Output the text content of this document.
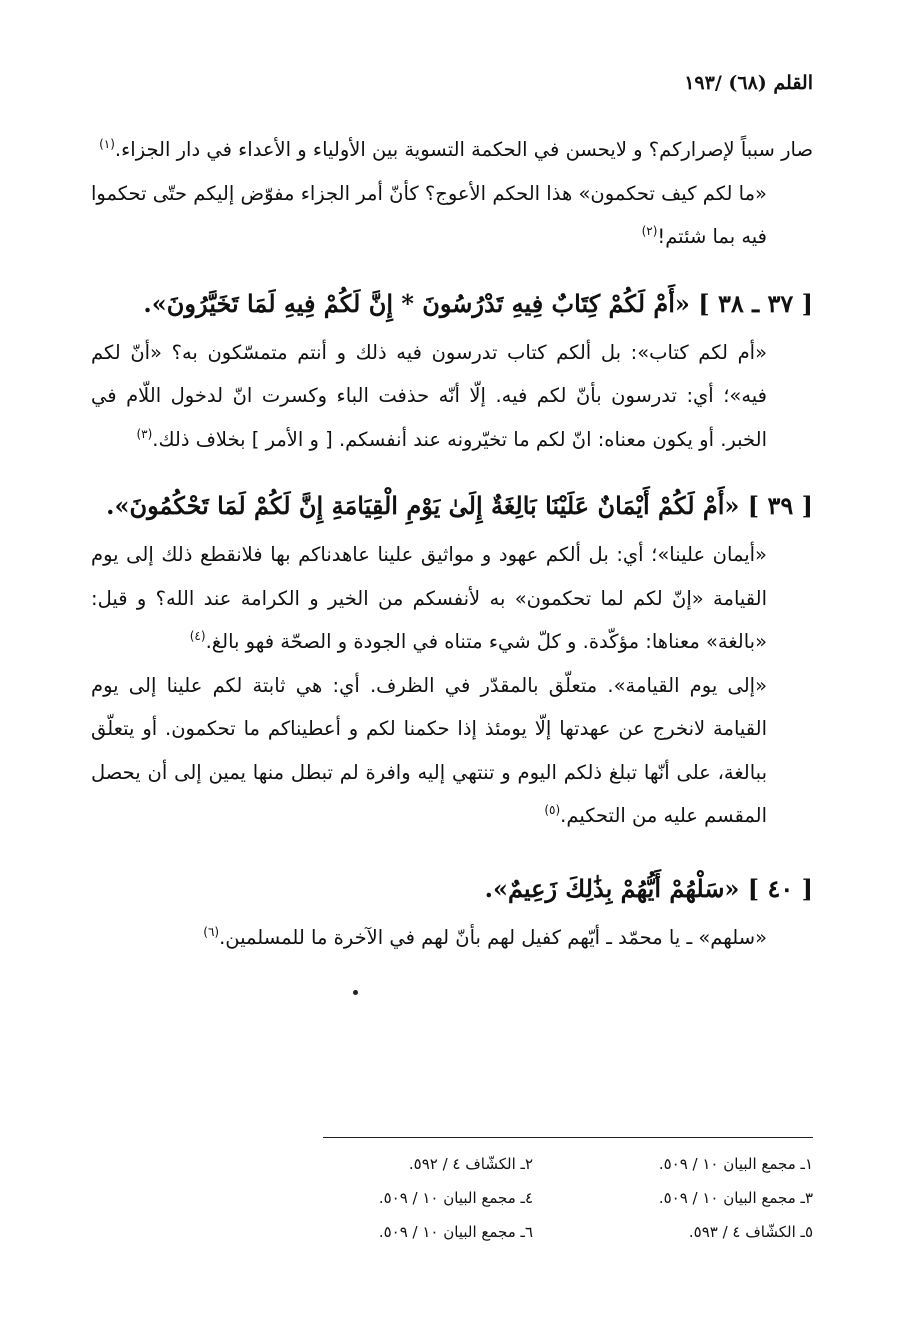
القلم (٦٨) /١٩٣

صار سبباً لإصراركم؟ و لايحسن في الحكمة التسوية بين الأولياء و الأعداء في دار الجزاء.$^{(١)}$

«ما لكم كيف تحكمون» هذا الحكم الأعوج؟ كأنّ أمر الجزاء مفوّض إليكم حتّى تحكموا فيه بما شئتم!$^{(٢)}$

[ ٣٧ ـ ٣٨ ] «أَمْ لَكُمْ كِتَابٌ فِيهِ تَدْرُسُونَ * إِنَّ لَكُمْ فِيهِ لَمَا تَخَيَّرُونَ».

«أم لكم كتاب»: بل ألكم كتاب تدرسون فيه ذلك و أنتم متمسّكون به؟ «أنّ لكم فيه»؛ أي: تدرسون بأنّ لكم فيه. إلّا أنّه حذفت الباء وكسرت انّ لدخول اللّام في الخبر. أو يكون معناه: انّ لكم ما تخيّرونه عند أنفسكم. [ و الأمر ] بخلاف ذلك.$^{(٣)}$

[ ٣٩ ] «أَمْ لَكُمْ أَيْمَانٌ عَلَيْنَا بَالِغَةٌ إِلَىٰ يَوْمِ الْقِيَامَةِ إِنَّ لَكُمْ لَمَا تَحْكُمُونَ».

«أيمان علينا»؛ أي: بل ألكم عهود و مواثيق علينا عاهدناكم بها فلانقطع ذلك إلى يوم القيامة «إنّ لكم لما تحكمون» به لأنفسكم من الخير و الكرامة عند الله؟ و قيل: «بالغة» معناها: مؤكّدة. و كلّ شيء متناه في الجودة و الصحّة فهو بالغ.$^{(٤)}$

«إلى يوم القيامة». متعلّق بالمقدّر في الظرف. أي: هي ثابتة لكم علينا إلى يوم القيامة لانخرج عن عهدتها إلّا يومئذ إذا حكمنا لكم و أعطيناكم ما تحكمون. أو يتعلّق ببالغة، على أنّها تبلغ ذلكم اليوم و تنتهي إليه وافرة لم تبطل منها يمين إلى أن يحصل المقسم عليه من التحكيم.$^{(٥)}$

[ ٤٠ ] «سَلْهُمْ أَيُّهُمْ بِذَٰلِكَ زَعِيمٌ».

«سلهم» ـ يا محمّد ـ أيّهم كفيل لهم بأنّ لهم في الآخرة ما للمسلمين.$^{(٦)}$

١ـ مجمع البيان ١٠ / ٥٠٩.
٢ـ الكشّاف ٤ / ٥٩٢.
٣ـ مجمع البيان ١٠ / ٥٠٩.
٤ـ مجمع البيان ١٠ / ٥٠٩.
٥ـ الكشّاف ٤ / ٥٩٣.
٦ـ مجمع البيان ١٠ / ٥٠٩.
